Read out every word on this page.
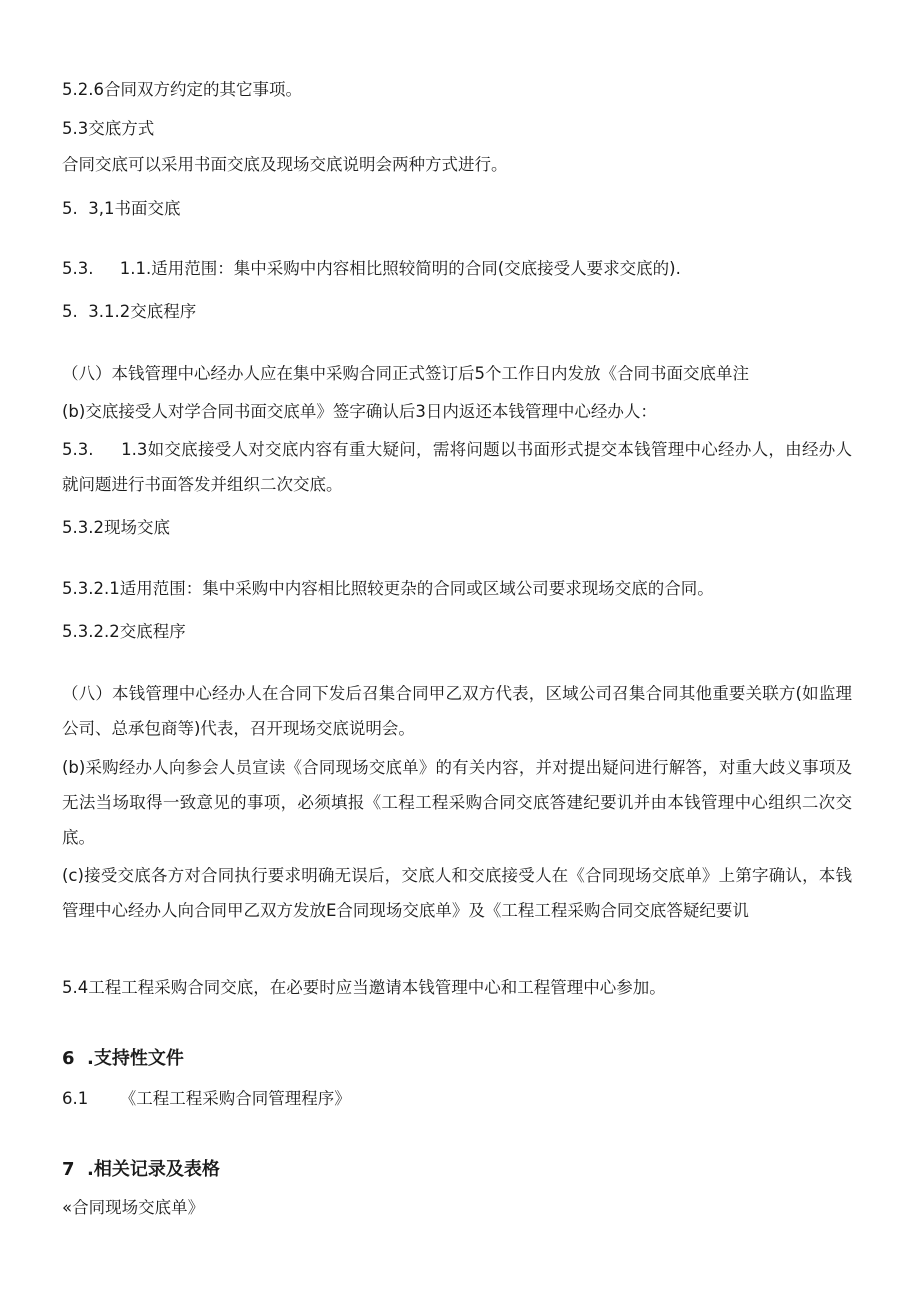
5.2.6合同双方约定的其它事项。
5.3交底方式
合同交底可以采用书面交底及现场交底说明会两种方式进行。
5.  3,1书面交底
5.3.     1.1.适用范围：集中采购中内容相比照较简明的合同(交底接受人要求交底的).
5.  3.1.2交底程序
（八）本钱管理中心经办人应在集中采购合同正式签订后5个工作日内发放《合同书面交底单注
(b)交底接受人对学合同书面交底单》签字确认后3日内返还本钱管理中心经办人：
5.3.     1.3如交底接受人对交底内容有重大疑问，需将问题以书面形式提交本钱管理中心经办人，由经办人就问题进行书面答发并组织二次交底。
5.3.2现场交底
5.3.2.1适用范围：集中采购中内容相比照较更杂的合同或区域公司要求现场交底的合同。
5.3.2.2交底程序
（八）本钱管理中心经办人在合同下发后召集合同甲乙双方代表，区域公司召集合同其他重要关联方(如监理公司、总承包商等)代表，召开现场交底说明会。
(b)采购经办人向参会人员宣读《合同现场交底单》的有关内容，并对提出疑问进行解答，对重大歧义事项及无法当场取得一致意见的事项，必须填报《工程工程采购合同交底答建纪要讥并由本钱管理中心组织二次交底。
(c)接受交底各方对合同执行要求明确无误后，交底人和交底接受人在《合同现场交底单》上第字确认，本钱管理中心经办人向合同甲乙双方发放E合同现场交底单》及《工程工程采购合同交底答疑纪要讥
5.4工程工程采购合同交底，在必要时应当邀请本钱管理中心和工程管理中心参加。
6  .支持性文件
6.1      《工程工程采购合同管理程序》
7  .相关记录及表格
«合同现场交底单》
